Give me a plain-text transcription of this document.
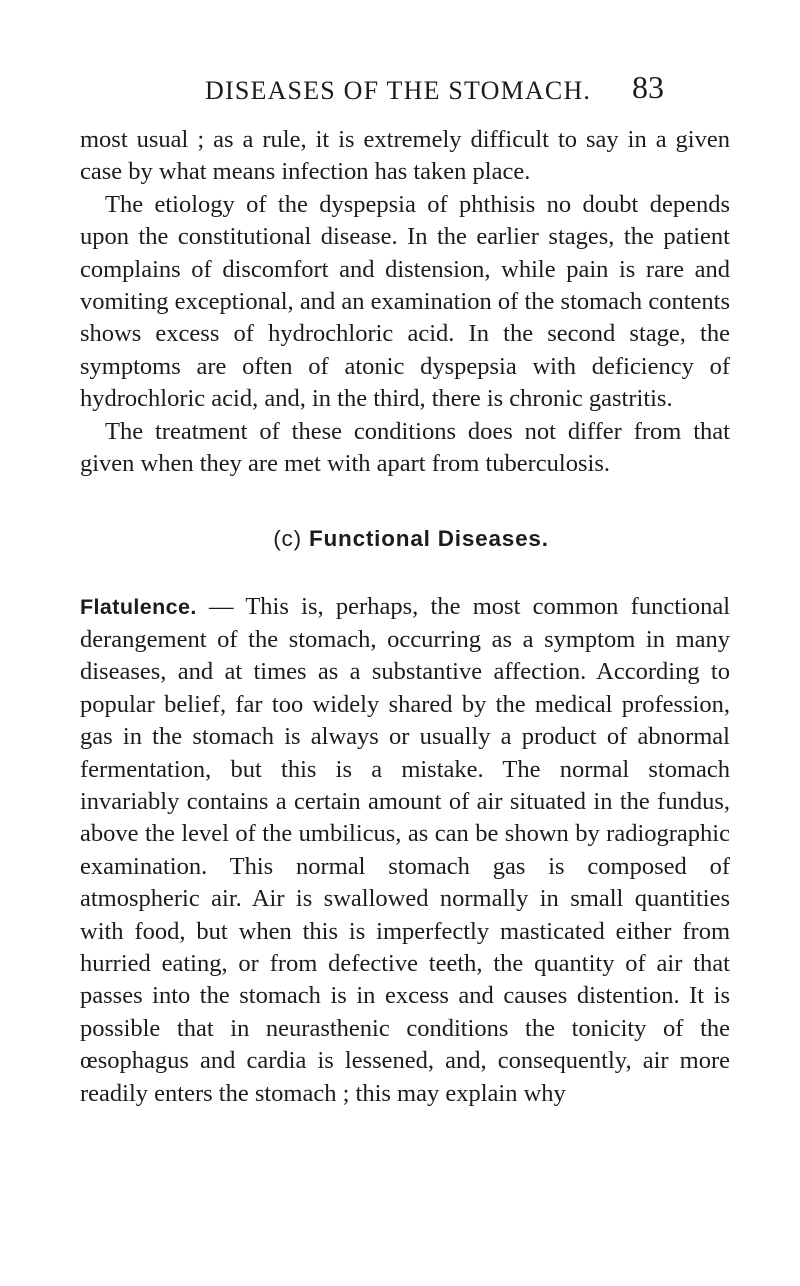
DISEASES OF THE STOMACH. 83

most usual ; as a rule, it is extremely difficult to say in a given case by what means infection has taken place.

The etiology of the dyspepsia of phthisis no doubt depends upon the constitutional disease. In the earlier stages, the patient complains of discomfort and distension, while pain is rare and vomiting exceptional, and an examination of the stomach contents shows excess of hydrochloric acid. In the second stage, the symptoms are often of atonic dyspepsia with deficiency of hydrochloric acid, and, in the third, there is chronic gastritis.

The treatment of these conditions does not differ from that given when they are met with apart from tuberculosis.

(c) Functional Diseases.

Flatulence. — This is, perhaps, the most common functional derangement of the stomach, occurring as a symptom in many diseases, and at times as a substantive affection. According to popular belief, far too widely shared by the medical profession, gas in the stomach is always or usually a product of abnormal fermentation, but this is a mistake. The normal stomach invariably contains a certain amount of air situated in the fundus, above the level of the umbilicus, as can be shown by radiographic examination. This normal stomach gas is composed of atmospheric air. Air is swallowed normally in small quantities with food, but when this is imperfectly masticated either from hurried eating, or from defective teeth, the quantity of air that passes into the stomach is in excess and causes distention. It is possible that in neurasthenic conditions the tonicity of the œsophagus and cardia is lessened, and, consequently, air more readily enters the stomach ; this may explain why
